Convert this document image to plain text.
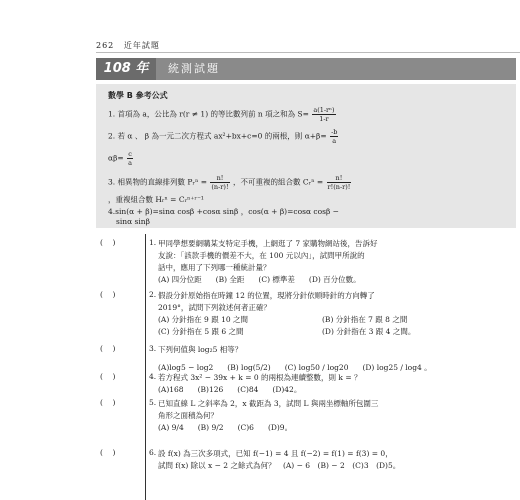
262 近年試題
108 年	統測試題
數學 B 參考公式
1. 首項為 a，公比為 r(r ≠ 1) 的等比數列前 n 項之和為 $S= \frac{\text{a(1-rⁿ)}}{1-r}$
2. 若 α 、 β 為一元二次方程式 ax²+bx+c=0 的兩根，則 $\alpha+\beta= \frac{-b}{a}$
$\alpha\beta= \frac{c}{a}$
3. 相異物的直線排列數 Pᵣⁿ = $\frac{n!}{(n-r)!}$ ，不可重複的組合數 Cᵣⁿ = $\frac{n!}{r!(n-r)!}$
，重複組合數 Hᵣⁿ = Cᵣⁿ⁺ʳ⁻¹
4.sin(α + β)=sinα cosβ +cosα sinβ ，cos(α + β)=cosα cosβ −
sinα sinβ
(    )	1. 甲同學想要網購某支特定手機，上網逛了 7 家購物網站後，告訴好
友說：「該款手機的價差不大，在 100 元以內」，試問甲所說的
話中，應用了下列哪一種統計量？
(A) 四分位距 (B) 全距 (C) 標準差 (D) 百分位數。
(    )	2. 假設分針原始指在時鐘 12 的位置，現將分針依順時針的方向轉了
2019°，試問下列敘述何者正確？
(A) 分針指在 9 跟 10 之間	(B) 分針指在 7 跟 8 之間
(C) 分針指在 5 跟 6 之間	(D) 分針指在 3 跟 4 之間。
(    )	3. 下列何值與 log₂5 相等？
(A)log5 − log2 (B) log(5/2) (C) log50 / log20 (D) log25 / log4 。
(    )	4. 若方程式 3x² − 39x + k = 0 的兩根為連續整數，則 k = ？
(A)168 (B)126 (C)84 (D)42。
(    )	5. 已知直線 L 之斜率為 2，x 截距為 3，試問 L 與兩坐標軸所包圍三
角形之面積為何？
(A) 9/4 (B) 9/2 (C)6 (D)9。
(    )	6. 設 f(x) 為三次多項式，已知 f(−1) = 4 且 f(−2) = f(1) = f(3) = 0，
試問 f(x) 除以 x − 2 之餘式為何？　(A) − 6　(B) − 2　(C)3　(D)5。
